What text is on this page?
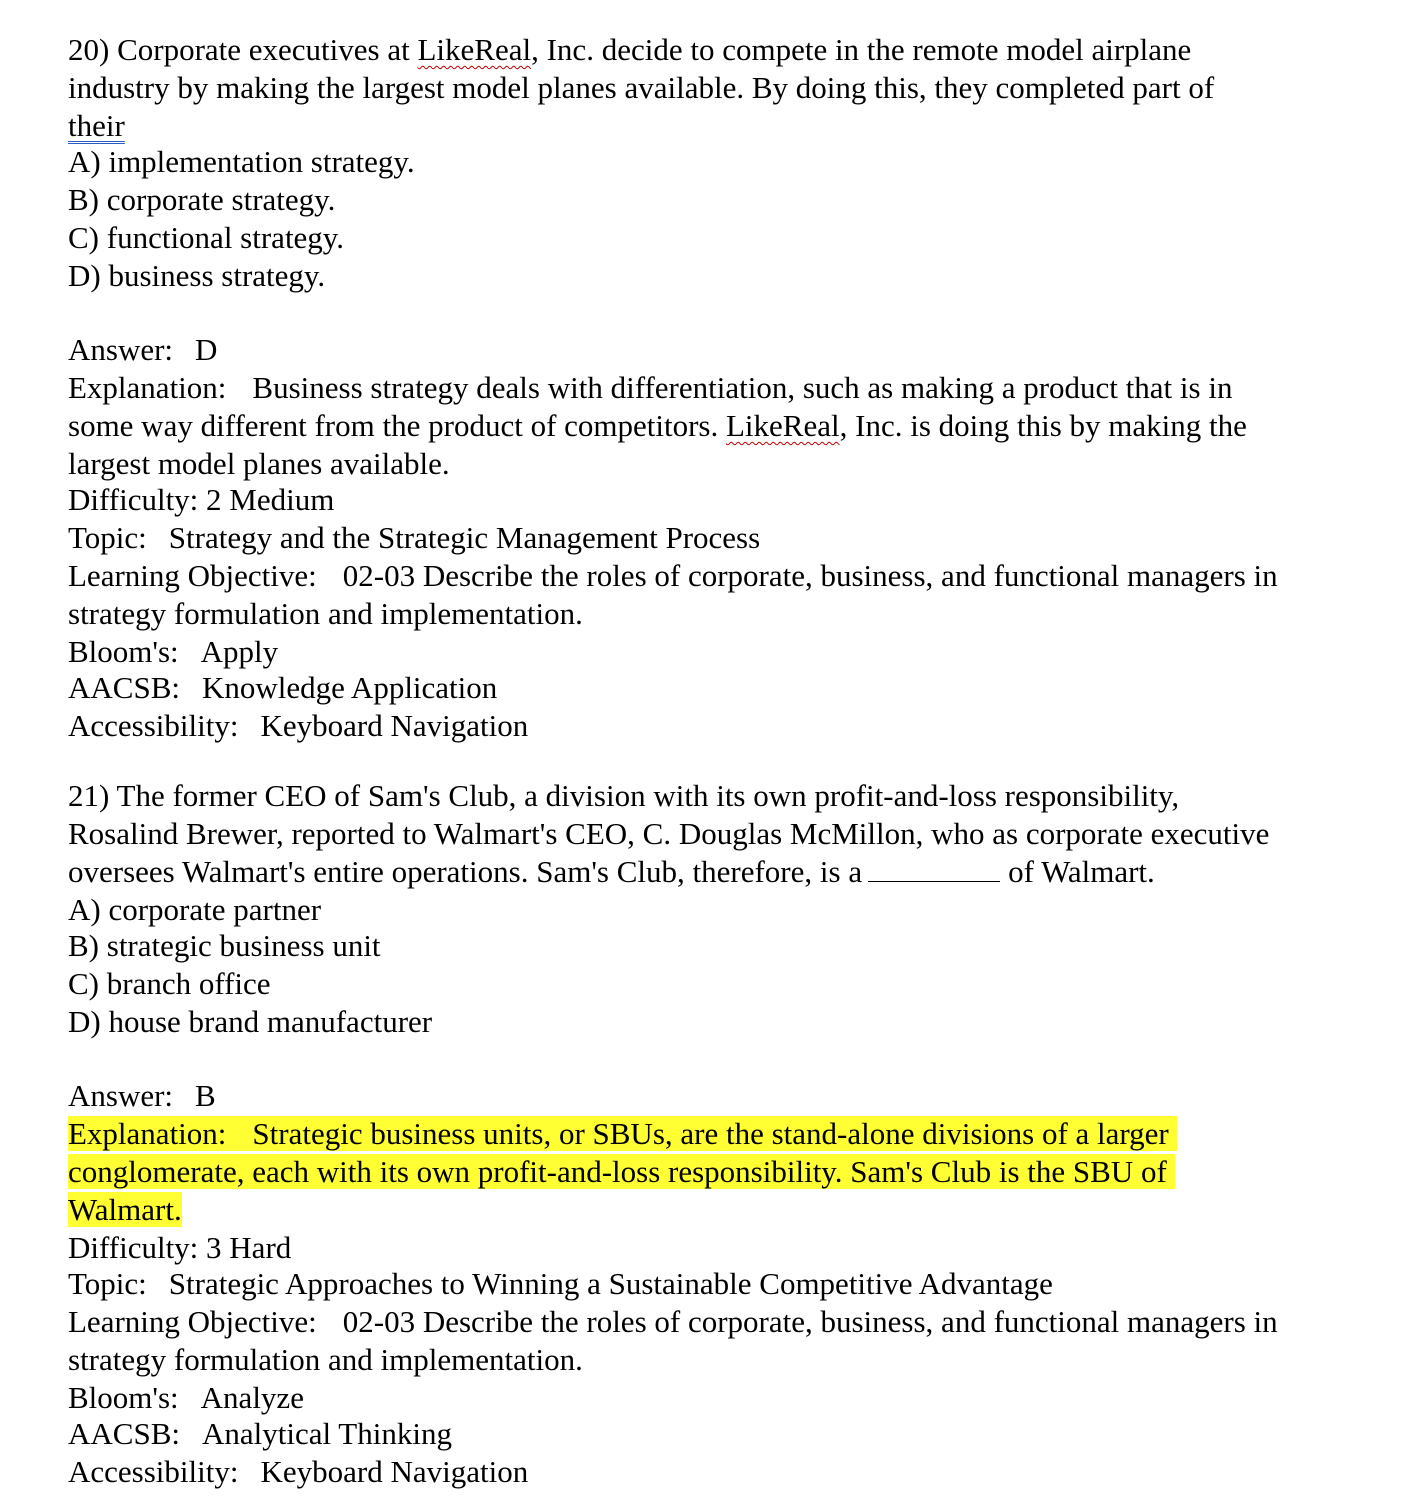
20) Corporate executives at LikeReal, Inc. decide to compete in the remote model airplane
industry by making the largest model planes available. By doing this, they completed part of
their
A) implementation strategy.
B) corporate strategy.
C) functional strategy.
D) business strategy.
Answer: D
Explanation: Business strategy deals with differentiation, such as making a product that is in
some way different from the product of competitors. LikeReal, Inc. is doing this by making the
largest model planes available.
Difficulty: 2 Medium
Topic: Strategy and the Strategic Management Process
Learning Objective: 02-03 Describe the roles of corporate, business, and functional managers in
strategy formulation and implementation.
Bloom's: Apply
AACSB: Knowledge Application
Accessibility: Keyboard Navigation
21) The former CEO of Sam's Club, a division with its own profit-and-loss responsibility,
Rosalind Brewer, reported to Walmart's CEO, C. Douglas McMillon, who as corporate executive
oversees Walmart's entire operations. Sam's Club, therefore, is a	of Walmart.
A) corporate partner
B) strategic business unit
C) branch office
D) house brand manufacturer
Answer: B
Explanation: Strategic business units, or SBUs, are the stand-alone divisions of a larger
conglomerate, each with its own profit-and-loss responsibility. Sam's Club is the SBU of
Walmart.
Difficulty: 3 Hard
Topic: Strategic Approaches to Winning a Sustainable Competitive Advantage
Learning Objective: 02-03 Describe the roles of corporate, business, and functional managers in
strategy formulation and implementation.
Bloom's: Analyze
AACSB: Analytical Thinking
Accessibility: Keyboard Navigation
